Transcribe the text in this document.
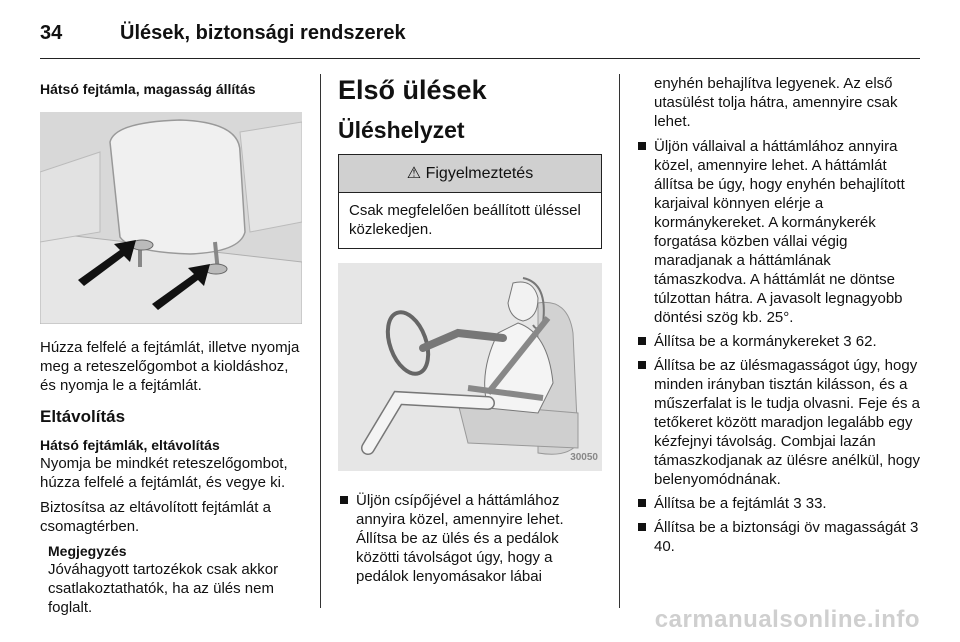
34	Ülések, biztonsági rendszerek
Hátsó fejtámla, magasság állítás
Húzza felfelé a fejtámlát, illetve nyomja meg a reteszelőgombot a kioldáshoz, és nyomja le a fejtámlát.
Eltávolítás
Hátsó fejtámlák, eltávolítás
Nyomja be mindkét reteszelőgombot, húzza felfelé a fejtámlát, és vegye ki.
Biztosítsa az eltávolított fejtámlát a csomagtérben.
Megjegyzés
Jóváhagyott tartozékok csak akkor csatlakoztathatók, ha az ülés nem foglalt.
Első ülések
Üléshelyzet
⚠ Figyelmeztetés
Csak megfelelően beállított üléssel közlekedjen.
30050
Üljön csípőjével a háttámlához annyira közel, amennyire lehet. Állítsa be az ülés és a pedálok közötti távolságot úgy, hogy a pedálok lenyomásakor lábai
enyhén behajlítva legyenek. Az első utasülést tolja hátra, amennyire csak lehet.
Üljön vállaival a háttámlához annyira közel, amennyire lehet. A háttámlát állítsa be úgy, hogy enyhén behajlított karjaival könnyen elérje a kormánykereket. A kormánykerék forgatása közben vállai végig maradjanak a háttámlának támaszkodva. A háttámlát ne döntse túlzottan hátra. A javasolt legnagyobb döntési szög kb. 25°.
Állítsa be a kormánykereket 3 62.
Állítsa be az ülésmagasságot úgy, hogy minden irányban tisztán kilásson, és a műszerfalat is le tudja olvasni. Feje és a tetőkeret között maradjon legalább egy kézfejnyi távolság. Combjai lazán támaszkodjanak az ülésre anélkül, hogy belenyomódnának.
Állítsa be a fejtámlát 3 33.
Állítsa be a biztonsági öv magasságát 3 40.
carmanualsonline.info
